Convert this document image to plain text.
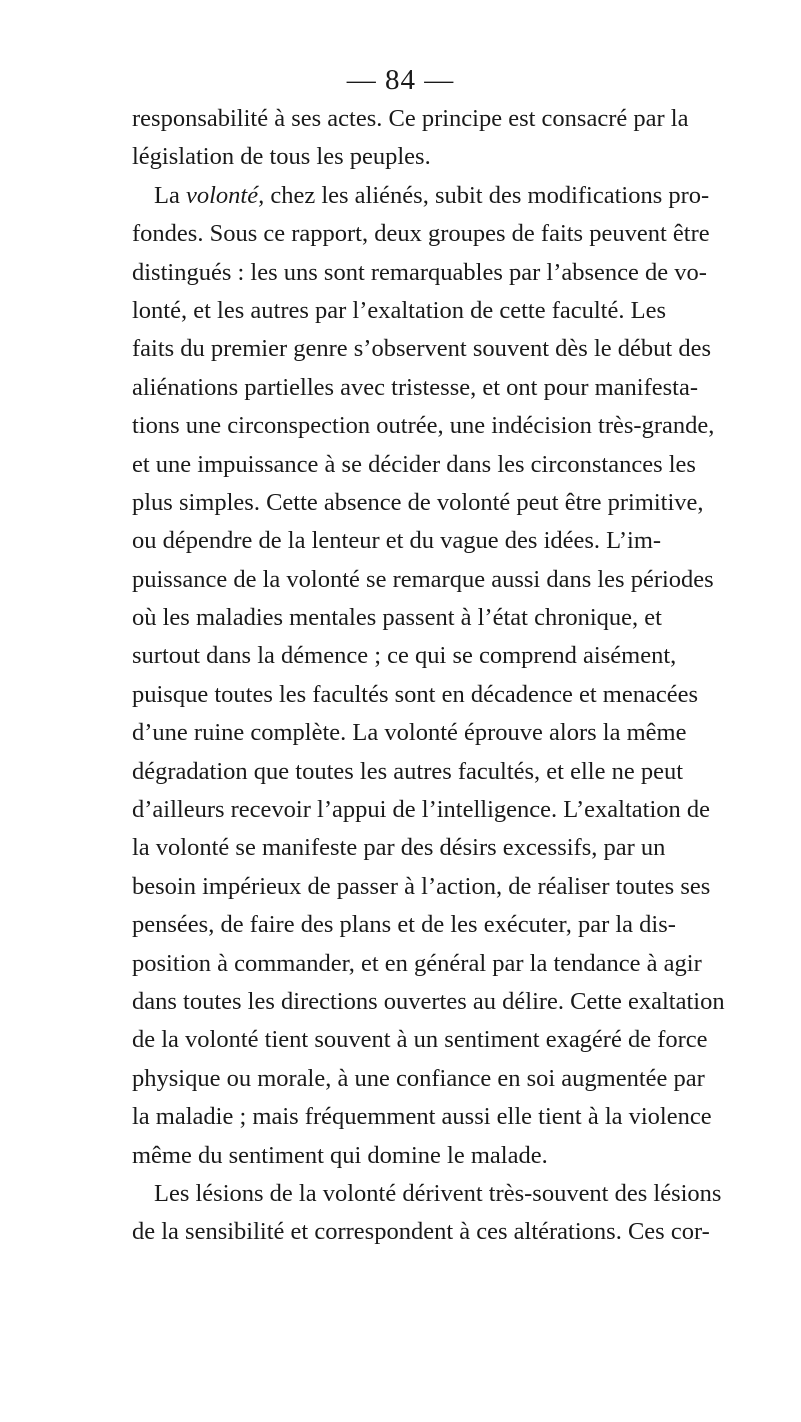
— 84 —
responsabilité à ses actes. Ce principe est consacré par la
législation de tous les peuples.
La volonté, chez les aliénés, subit des modifications pro-
fondes. Sous ce rapport, deux groupes de faits peuvent être
distingués : les uns sont remarquables par l’absence de vo-
lonté, et les autres par l’exaltation de cette faculté. Les
faits du premier genre s’observent souvent dès le début des
aliénations partielles avec tristesse, et ont pour manifesta-
tions une circonspection outrée, une indécision très-grande,
et une impuissance à se décider dans les circonstances les
plus simples. Cette absence de volonté peut être primitive,
ou dépendre de la lenteur et du vague des idées. L’im-
puissance de la volonté se remarque aussi dans les périodes
où les maladies mentales passent à l’état chronique, et
surtout dans la démence ; ce qui se comprend aisément,
puisque toutes les facultés sont en décadence et menacées
d’une ruine complète. La volonté éprouve alors la même
dégradation que toutes les autres facultés, et elle ne peut
d’ailleurs recevoir l’appui de l’intelligence. L’exaltation de
la volonté se manifeste par des désirs excessifs, par un
besoin impérieux de passer à l’action, de réaliser toutes ses
pensées, de faire des plans et de les exécuter, par la dis-
position à commander, et en général par la tendance à agir
dans toutes les directions ouvertes au délire. Cette exaltation
de la volonté tient souvent à un sentiment exagéré de force
physique ou morale, à une confiance en soi augmentée par
la maladie ; mais fréquemment aussi elle tient à la violence
même du sentiment qui domine le malade.
Les lésions de la volonté dérivent très-souvent des lésions
de la sensibilité et correspondent à ces altérations. Ces cor-
